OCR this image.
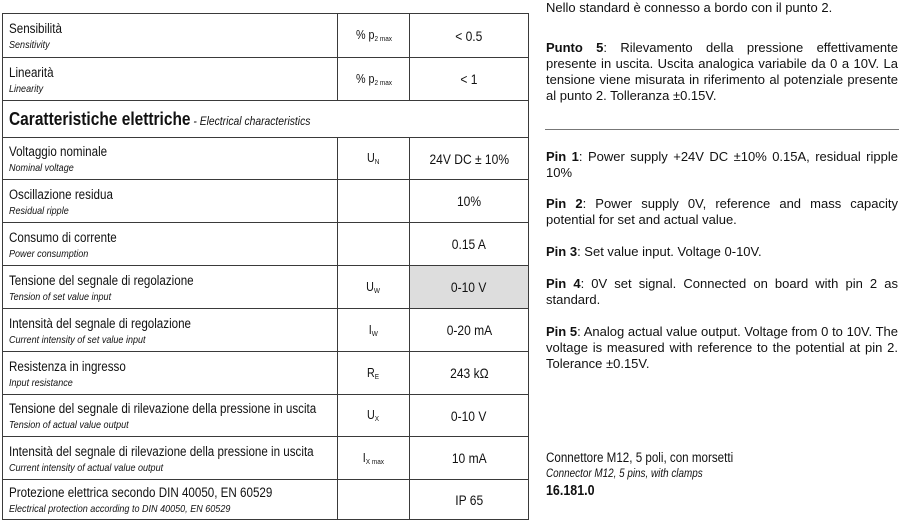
Sensibilità
Sensitivity	% $p_{2 max}$	< 0.5

Linearità
Linearity	% $p_{2 max}$	< 1
Caratteristiche elettriche - Electrical characteristics		

Voltaggio nominale
Nominal voltage	$U_N$	24V DC ± 10%

Oscillazione residua
Residual ripple		10%

Consumo di corrente
Power consumption		0.15 A

Tensione del segnale di regolazione
Tension of set value input	$U_W$	0-10 V

Intensità del segnale di regolazione
Current intensity of set value input	$I_W$	0-20 mA

Resistenza in ingresso
Input resistance	$R_E$	243 kΩ

Tensione del segnale di rilevazione della pressione in uscita
Tension of actual value output	$U_X$	0-10 V

Intensità del segnale di rilevazione della pressione in uscita
Current intensity of actual value output	$I_{X max}$	10 mA

Protezione elettrica secondo DIN 40050, EN 60529
Electrical protection according to DIN 40050, EN 60529		IP 65

Nello standard è connesso a bordo con il punto 2.

Punto 5: Rilevamento della pressione effettivamente presente in uscita. Uscita analogica variabile da 0 a 10V. La tensione viene misurata in riferimento al potenziale presente al punto 2. Tolleranza ±0.15V.

Pin 1: Power supply +24V DC ±10% 0.15A, residual ripple 10%

Pin 2: Power supply 0V, reference and mass capacity potential for set and actual value.

Pin 3: Set value input. Voltage 0-10V.

Pin 4: 0V set signal. Connected on board with pin 2 as standard.

Pin 5: Analog actual value output. Voltage from 0 to 10V. The voltage is measured with reference to the potential at pin 2. Tolerance ±0.15V.

Connettore M12, 5 poli, con morsetti
Connector M12, 5 pins, with clamps
16.181.0
